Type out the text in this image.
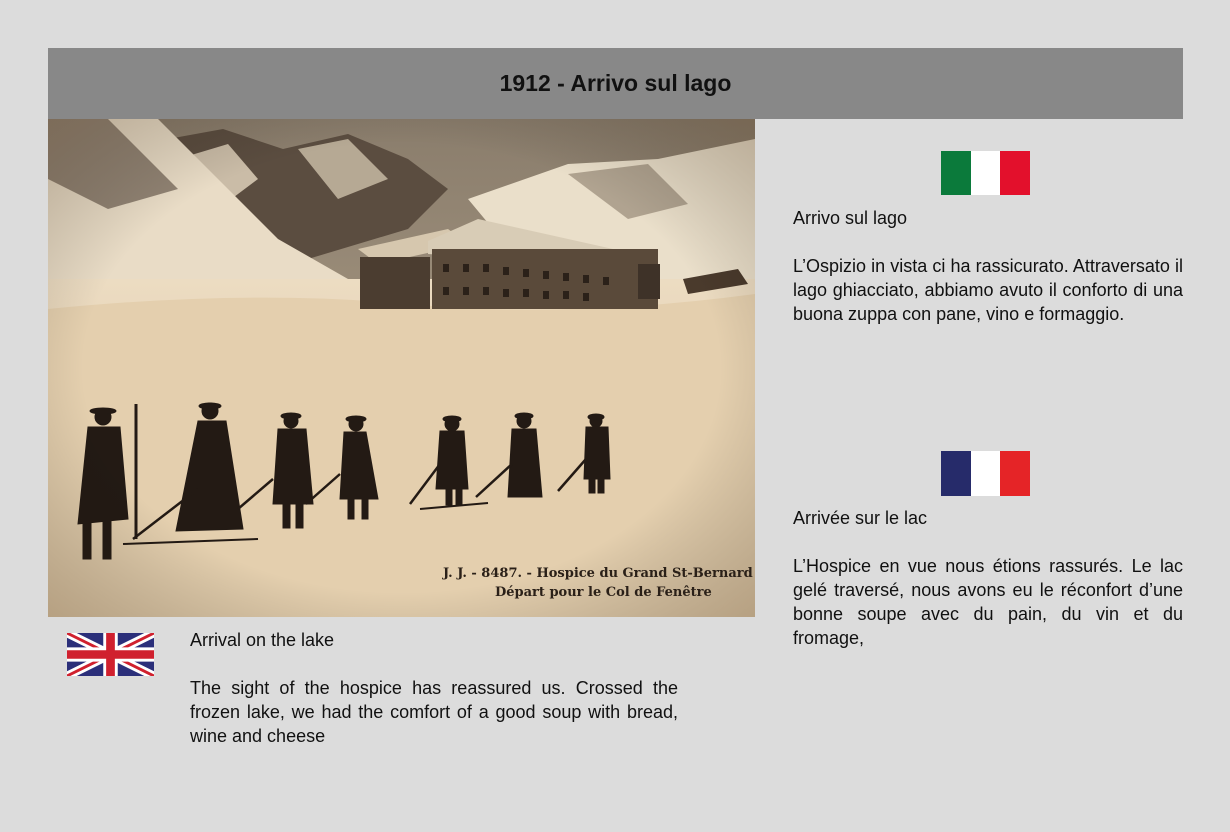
1912 - Arrivo sul lago
J. J. - 8487. - Hospice du Grand St-Bernard
Départ pour le Col de Fenêtre

Arrivo sul lago

L’Ospizio in vista ci ha rassicurato. Attraversato il lago ghiacciato, abbiamo avuto il conforto di una buona zuppa con pane, vino e formaggio.

Arrivée sur le lac

L’Hospice en vue nous étions rassurés. Le lac gelé traversé, nous avons eu le réconfort d’une bonne soupe avec du pain, du vin et du fromage,

Arrival on the lake

The sight of the hospice has reassured us. Crossed the frozen lake, we had the comfort of a good soup with bread, wine and cheese
